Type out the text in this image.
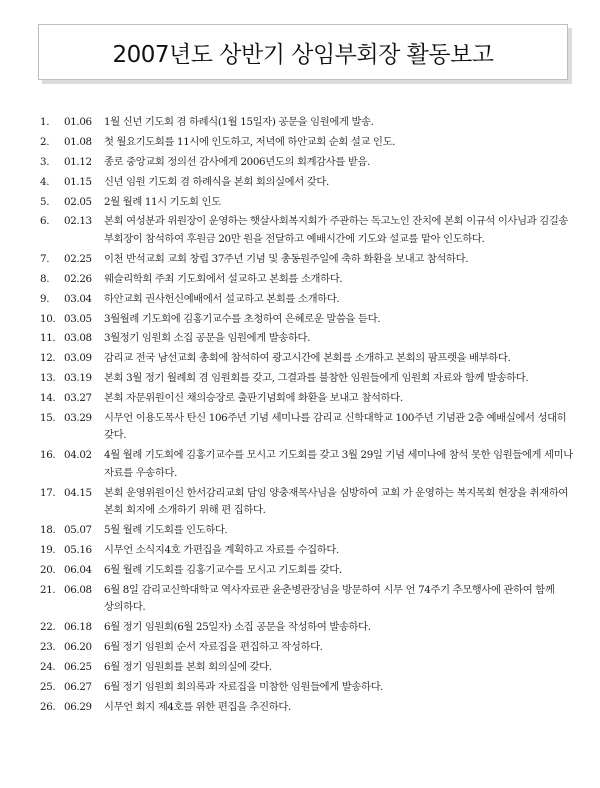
2007년도 상반기 상임부회장 활동보고
1.	01.06	1월 신년 기도회 겸 하례식(1월 15일자) 공문을 임원에게 발송.
2.	01.08	첫 월요기도회를 11시에 인도하고, 저녁에 하안교회 순회 설교 인도.
3.	01.12	종로 중앙교회 정의선 감사에게 2006년도의 회계감사를 받음.
4.	01.15	신년 임원 기도회 겸 하례식을 본회 회의실에서 갖다.
5.	02.05	2월 월례 11시 기도회 인도
6.	02.13	본회 여성분과 위원장이 운영하는 햇살사회복지회가 주관하는 독고노인 잔치에 본회 이규석 이사님과 김길송 부회장이 참석하여 후원금 20만 원을 전달하고 예배시간에 기도와 설교를 맡아 인도하다.
7.	02.25	이천 반석교회 교회 창립 37주년 기념 및 총동원주일에 축하 화환을 보내고 참석하다.
8.	02.26	웨슬리학회 주최 기도회에서 설교하고 본회를 소개하다.
9.	03.04	하안교회 권사헌신예배에서 설교하고 본회를 소개하다.
10. 03.05	3월월례 기도회에 김홍기교수를 초청하여 은혜로운 말씀을 듣다.
11. 03.08	3월정기 임원회 소집 공문을 임원에게 발송하다.
12. 03.09	감리교 전국 남선교회 총회에 참석하여 광고시간에 본회를 소개하고 본회의 팜프렛을 배부하다.
13. 03.19	본회 3월 정기 월례회 겸 임원회를 갖고, 그결과를 불참한 임원들에게 임원회 자료와 함께 발송하다.
14. 03.27	본회 자문위원이신 채의승장로 출판기념회에 화환을 보내고 참석하다.
15. 03.29	시무언 이용도목사 탄신 106주년 기념 세미나를 감리교 신학대학교 100주년 기념관 2층 예배실에서 성대히 갖다.
16. 04.02	4월 월례 기도회에 김홍기교수를 모시고 기도회를 갖고 3월 29일 기념 세미나에 참석 못한 임원들에게 세미나 자료를 우송하다.
17. 04.15	본회 운영위원이신 한서감리교회 담임 양충재목사님을 심방하여 교회 가 운영하는 복지목회 현장을 취재하여 본회 회지에 소개하기 위해 편 집하다.
18. 05.07	5월 월례 기도회를 인도하다.
19. 05.16	시무언 소식지4호 가편집을 계획하고 자료를 수집하다.
20. 06.04	6월 월례 기도회를 김홍기교수를 모시고 기도회를 갖다.
21. 06.08	6월 8일 감리교신학대학교 역사자료관 윤춘병관장님을 방문하여 시무 언 74주기 추모행사에 관하여 함께 상의하다.
22. 06.18	6월 정기 임원회(6월 25일자) 소집 공문을 작성하여 발송하다.
23. 06.20	6월 정기 임원회 순서 자료집을 편집하고 작성하다.
24. 06.25	6월 정기 임원회를 본회 회의실에 갖다.
25. 06.27	6월 정기 임원회 회의록과 자료집을 미참한 임원들에게 발송하다.
26. 06.29	시무언 회지 제4호를 위한 편집을 추진하다.
